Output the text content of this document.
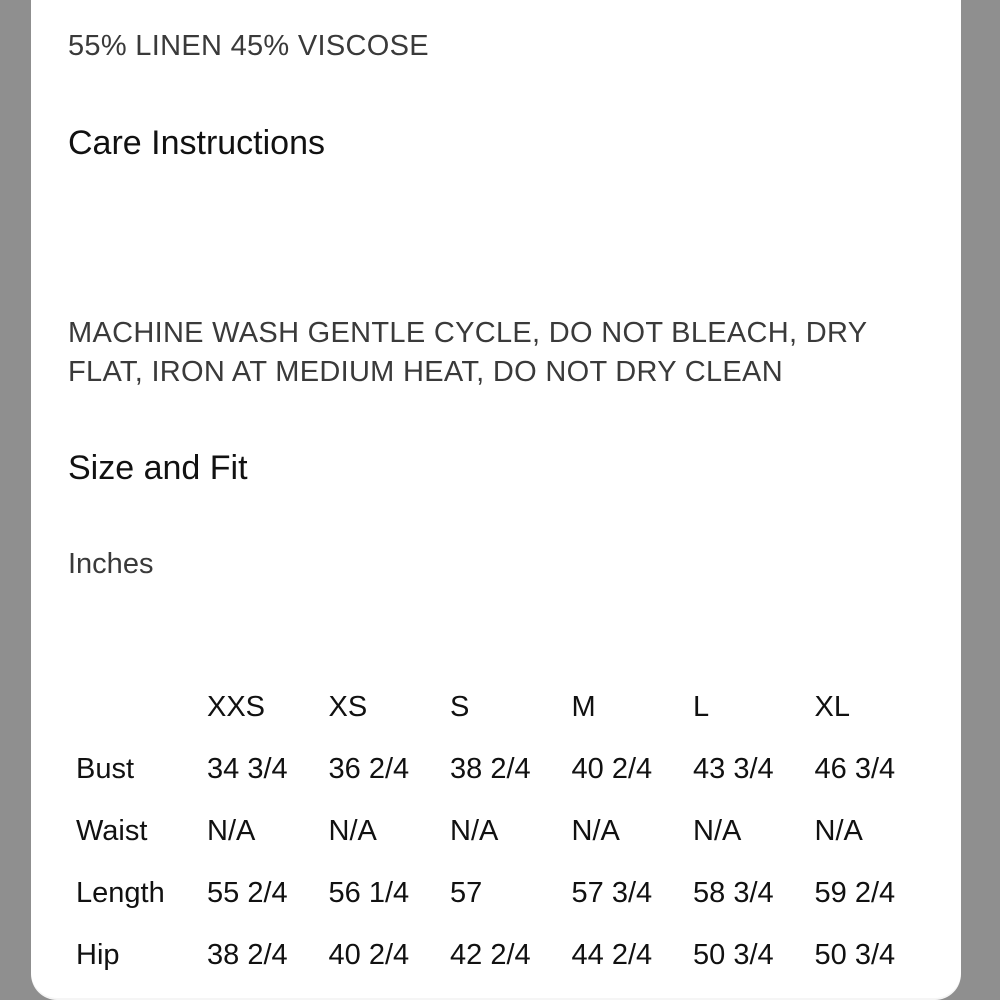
55% LINEN 45% VISCOSE
Care Instructions
MACHINE WASH GENTLE CYCLE, DO NOT BLEACH, DRY FLAT, IRON AT MEDIUM HEAT, DO NOT DRY CLEAN
Size and Fit
Inches
	XXS	XS	S	M	L	XL
Bust	34 3/4	36 2/4	38 2/4	40 2/4	43 3/4	46 3/4
Waist	N/A	N/A	N/A	N/A	N/A	N/A
Length	55 2/4	56 1/4	57	57 3/4	58 3/4	59 2/4
Hip	38 2/4	40 2/4	42 2/4	44 2/4	50 3/4	50 3/4
